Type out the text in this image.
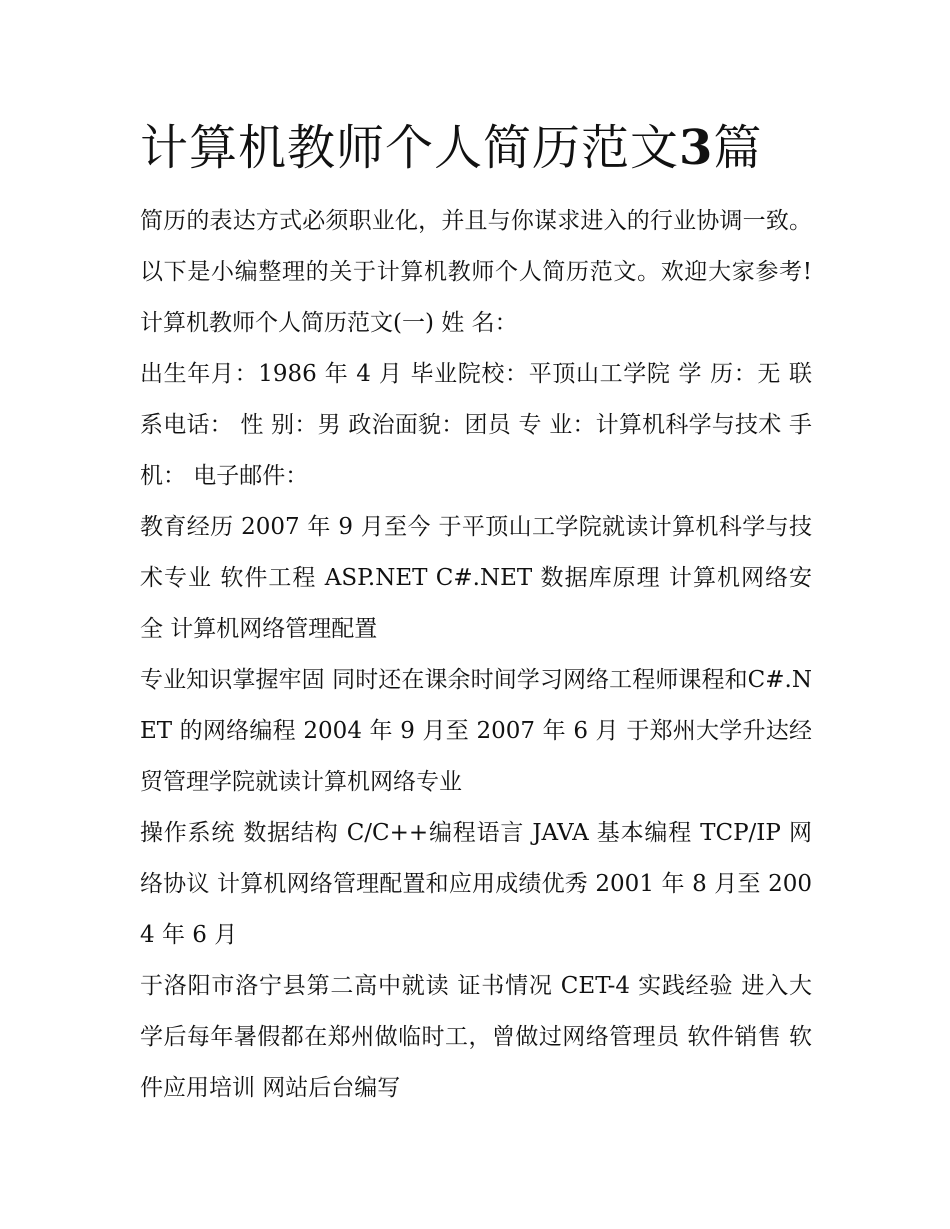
计算机教师个人简历范文3篇

简历的表达方式必须职业化，并且与你谋求进入的行业协调一致。以下是小编整理的关于计算机教师个人简历范文。欢迎大家参考! 计算机教师个人简历范文(一) 姓 名：

出生年月：1986 年 4 月 毕业院校：平顶山工学院 学 历：无 联系电话： 性 别：男 政治面貌：团员 专 业：计算机科学与技术 手 机： 电子邮件：

教育经历 2007 年 9 月至今 于平顶山工学院就读计算机科学与技术专业 软件工程 ASP.NET C#.NET 数据库原理 计算机网络安全 计算机网络管理配置

专业知识掌握牢固 同时还在课余时间学习网络工程师课程和C#.NET 的网络编程 2004 年 9 月至 2007 年 6 月 于郑州大学升达经贸管理学院就读计算机网络专业

操作系统 数据结构 C/C++编程语言 JAVA 基本编程 TCP/IP 网络协议 计算机网络管理配置和应用成绩优秀 2001 年 8 月至 2004 年 6 月

于洛阳市洛宁县第二高中就读 证书情况 CET-4 实践经验 进入大学后每年暑假都在郑州做临时工，曾做过网络管理员 软件销售 软件应用培训 网站后台编写
